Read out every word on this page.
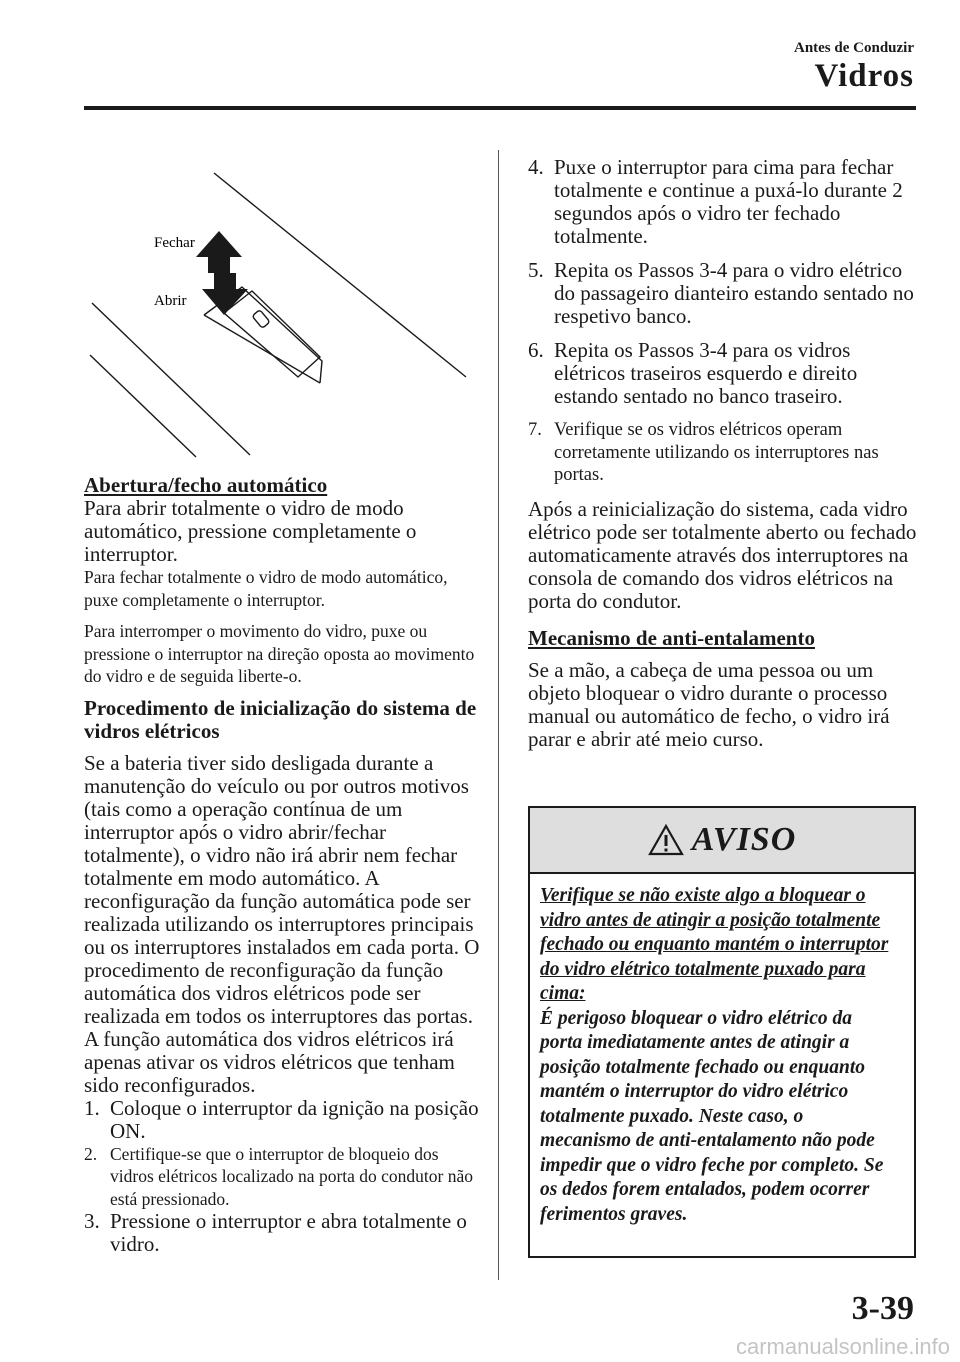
Antes de Conduzir
Vidros
Fechar
Abrir
Abertura/fecho automático

Para abrir totalmente o vidro de modo automático, pressione completamente o interruptor.

Para fechar totalmente o vidro de modo automático, puxe completamente o interruptor.

Para interromper o movimento do vidro, puxe ou pressione o interruptor na direção oposta ao movimento do vidro e de seguida liberte-o.

Procedimento de inicialização do sistema de vidros elétricos

Se a bateria tiver sido desligada durante a manutenção do veículo ou por outros motivos (tais como a operação contínua de um interruptor após o vidro abrir/fechar totalmente), o vidro não irá abrir nem fechar totalmente em modo automático. A reconfiguração da função automática pode ser realizada utilizando os interruptores principais ou os interruptores instalados em cada porta. O procedimento de reconfiguração da função automática dos vidros elétricos pode ser realizada em todos os interruptores das portas. A função automática dos vidros elétricos irá apenas ativar os vidros elétricos que tenham sido reconfigurados.

1. Coloque o interruptor da ignição na posição ON.
2. Certifique-se que o interruptor de bloqueio dos vidros elétricos localizado na porta do condutor não está pressionado.
3. Pressione o interruptor e abra totalmente o vidro.
4. Puxe o interruptor para cima para fechar totalmente e continue a puxá-lo durante 2 segundos após o vidro ter fechado totalmente.
5. Repita os Passos 3-4 para o vidro elétrico do passageiro dianteiro estando sentado no respetivo banco.
6. Repita os Passos 3-4 para os vidros elétricos traseiros esquerdo e direito estando sentado no banco traseiro.
7. Verifique se os vidros elétricos operam corretamente utilizando os interruptores nas portas.

Após a reinicialização do sistema, cada vidro elétrico pode ser totalmente aberto ou fechado automaticamente através dos interruptores na consola de comando dos vidros elétricos na porta do condutor.

Mecanismo de anti-entalamento

Se a mão, a cabeça de uma pessoa ou um objeto bloquear o vidro durante o processo manual ou automático de fecho, o vidro irá parar e abrir até meio curso.

AVISO
Verifique se não existe algo a bloquear o vidro antes de atingir a posição totalmente fechado ou enquanto mantém o interruptor do vidro elétrico totalmente puxado para cima:
É perigoso bloquear o vidro elétrico da porta imediatamente antes de atingir a posição totalmente fechado ou enquanto mantém o interruptor do vidro elétrico totalmente puxado. Neste caso, o mecanismo de anti-entalamento não pode impedir que o vidro feche por completo. Se os dedos forem entalados, podem ocorrer ferimentos graves.
3-39
carmanualsonline.info
